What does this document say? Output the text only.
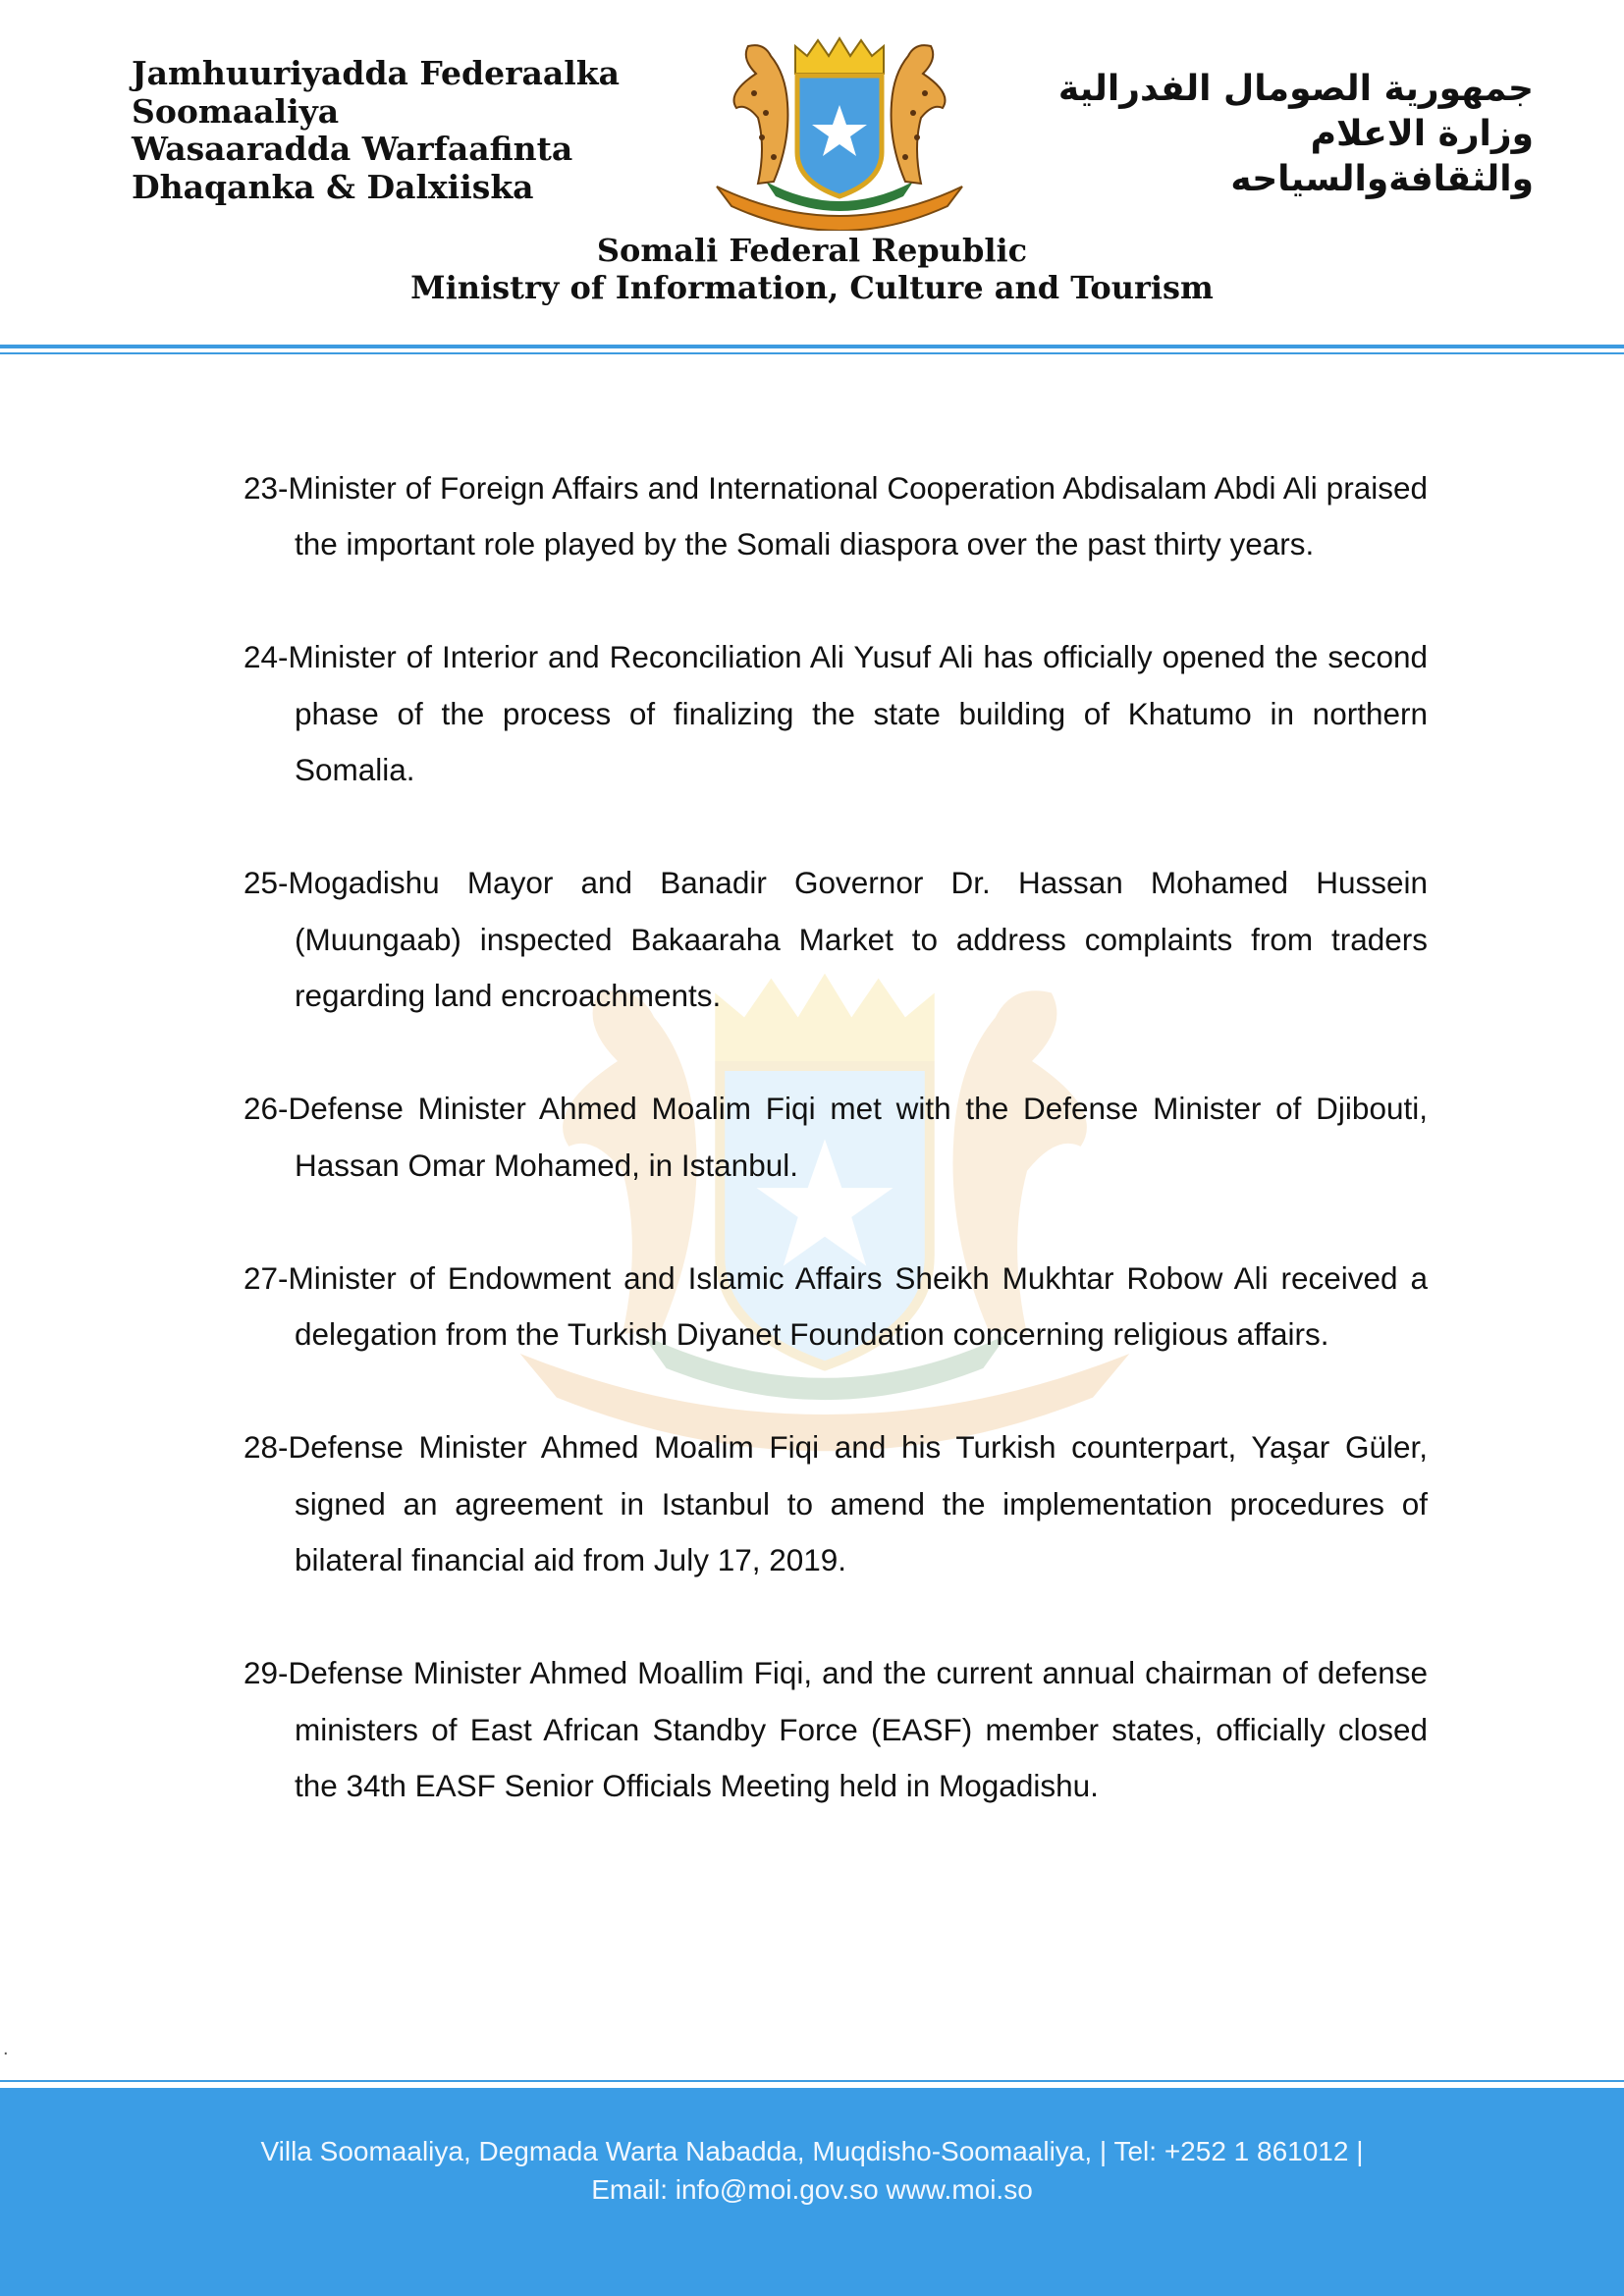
Jamhuuriyadda Federaalka
Soomaaliya
Wasaaradda Warfaafinta
Dhaqanka & Dalxiiska
جمهورية الصومال الفدرالية
وزارة الاعلام
والثقافةوالسياحه
Somali Federal Republic
Ministry of Information, Culture and Tourism

23-Minister of Foreign Affairs and International Cooperation Abdisalam Abdi Ali praised the important role played by the Somali diaspora over the past thirty years.

24-Minister of Interior and Reconciliation Ali Yusuf Ali has officially opened the second phase of the process of finalizing the state building of Khatumo in northern Somalia.

25-Mogadishu Mayor and Banadir Governor Dr. Hassan Mohamed Hussein (Muungaab) inspected Bakaaraha Market to address complaints from traders regarding land encroachments.

26-Defense Minister Ahmed Moalim Fiqi met with the Defense Minister of Djibouti, Hassan Omar Mohamed, in Istanbul.

27-Minister of Endowment and Islamic Affairs Sheikh Mukhtar Robow Ali received a delegation from the Turkish Diyanet Foundation concerning religious affairs.

28-Defense Minister Ahmed Moalim Fiqi and his Turkish counterpart, Yaşar Güler, signed an agreement in Istanbul to amend the implementation procedures of bilateral financial aid from July 17, 2019.

29-Defense Minister Ahmed Moallim Fiqi, and the current annual chairman of defense ministers of East African Standby Force (EASF) member states, officially closed the 34th EASF Senior Officials Meeting held in Mogadishu.

.
Villa Soomaaliya, Degmada Warta Nabadda, Muqdisho-Soomaaliya, | Tel: +252 1 861012 |
Email: info@moi.gov.so www.moi.so
